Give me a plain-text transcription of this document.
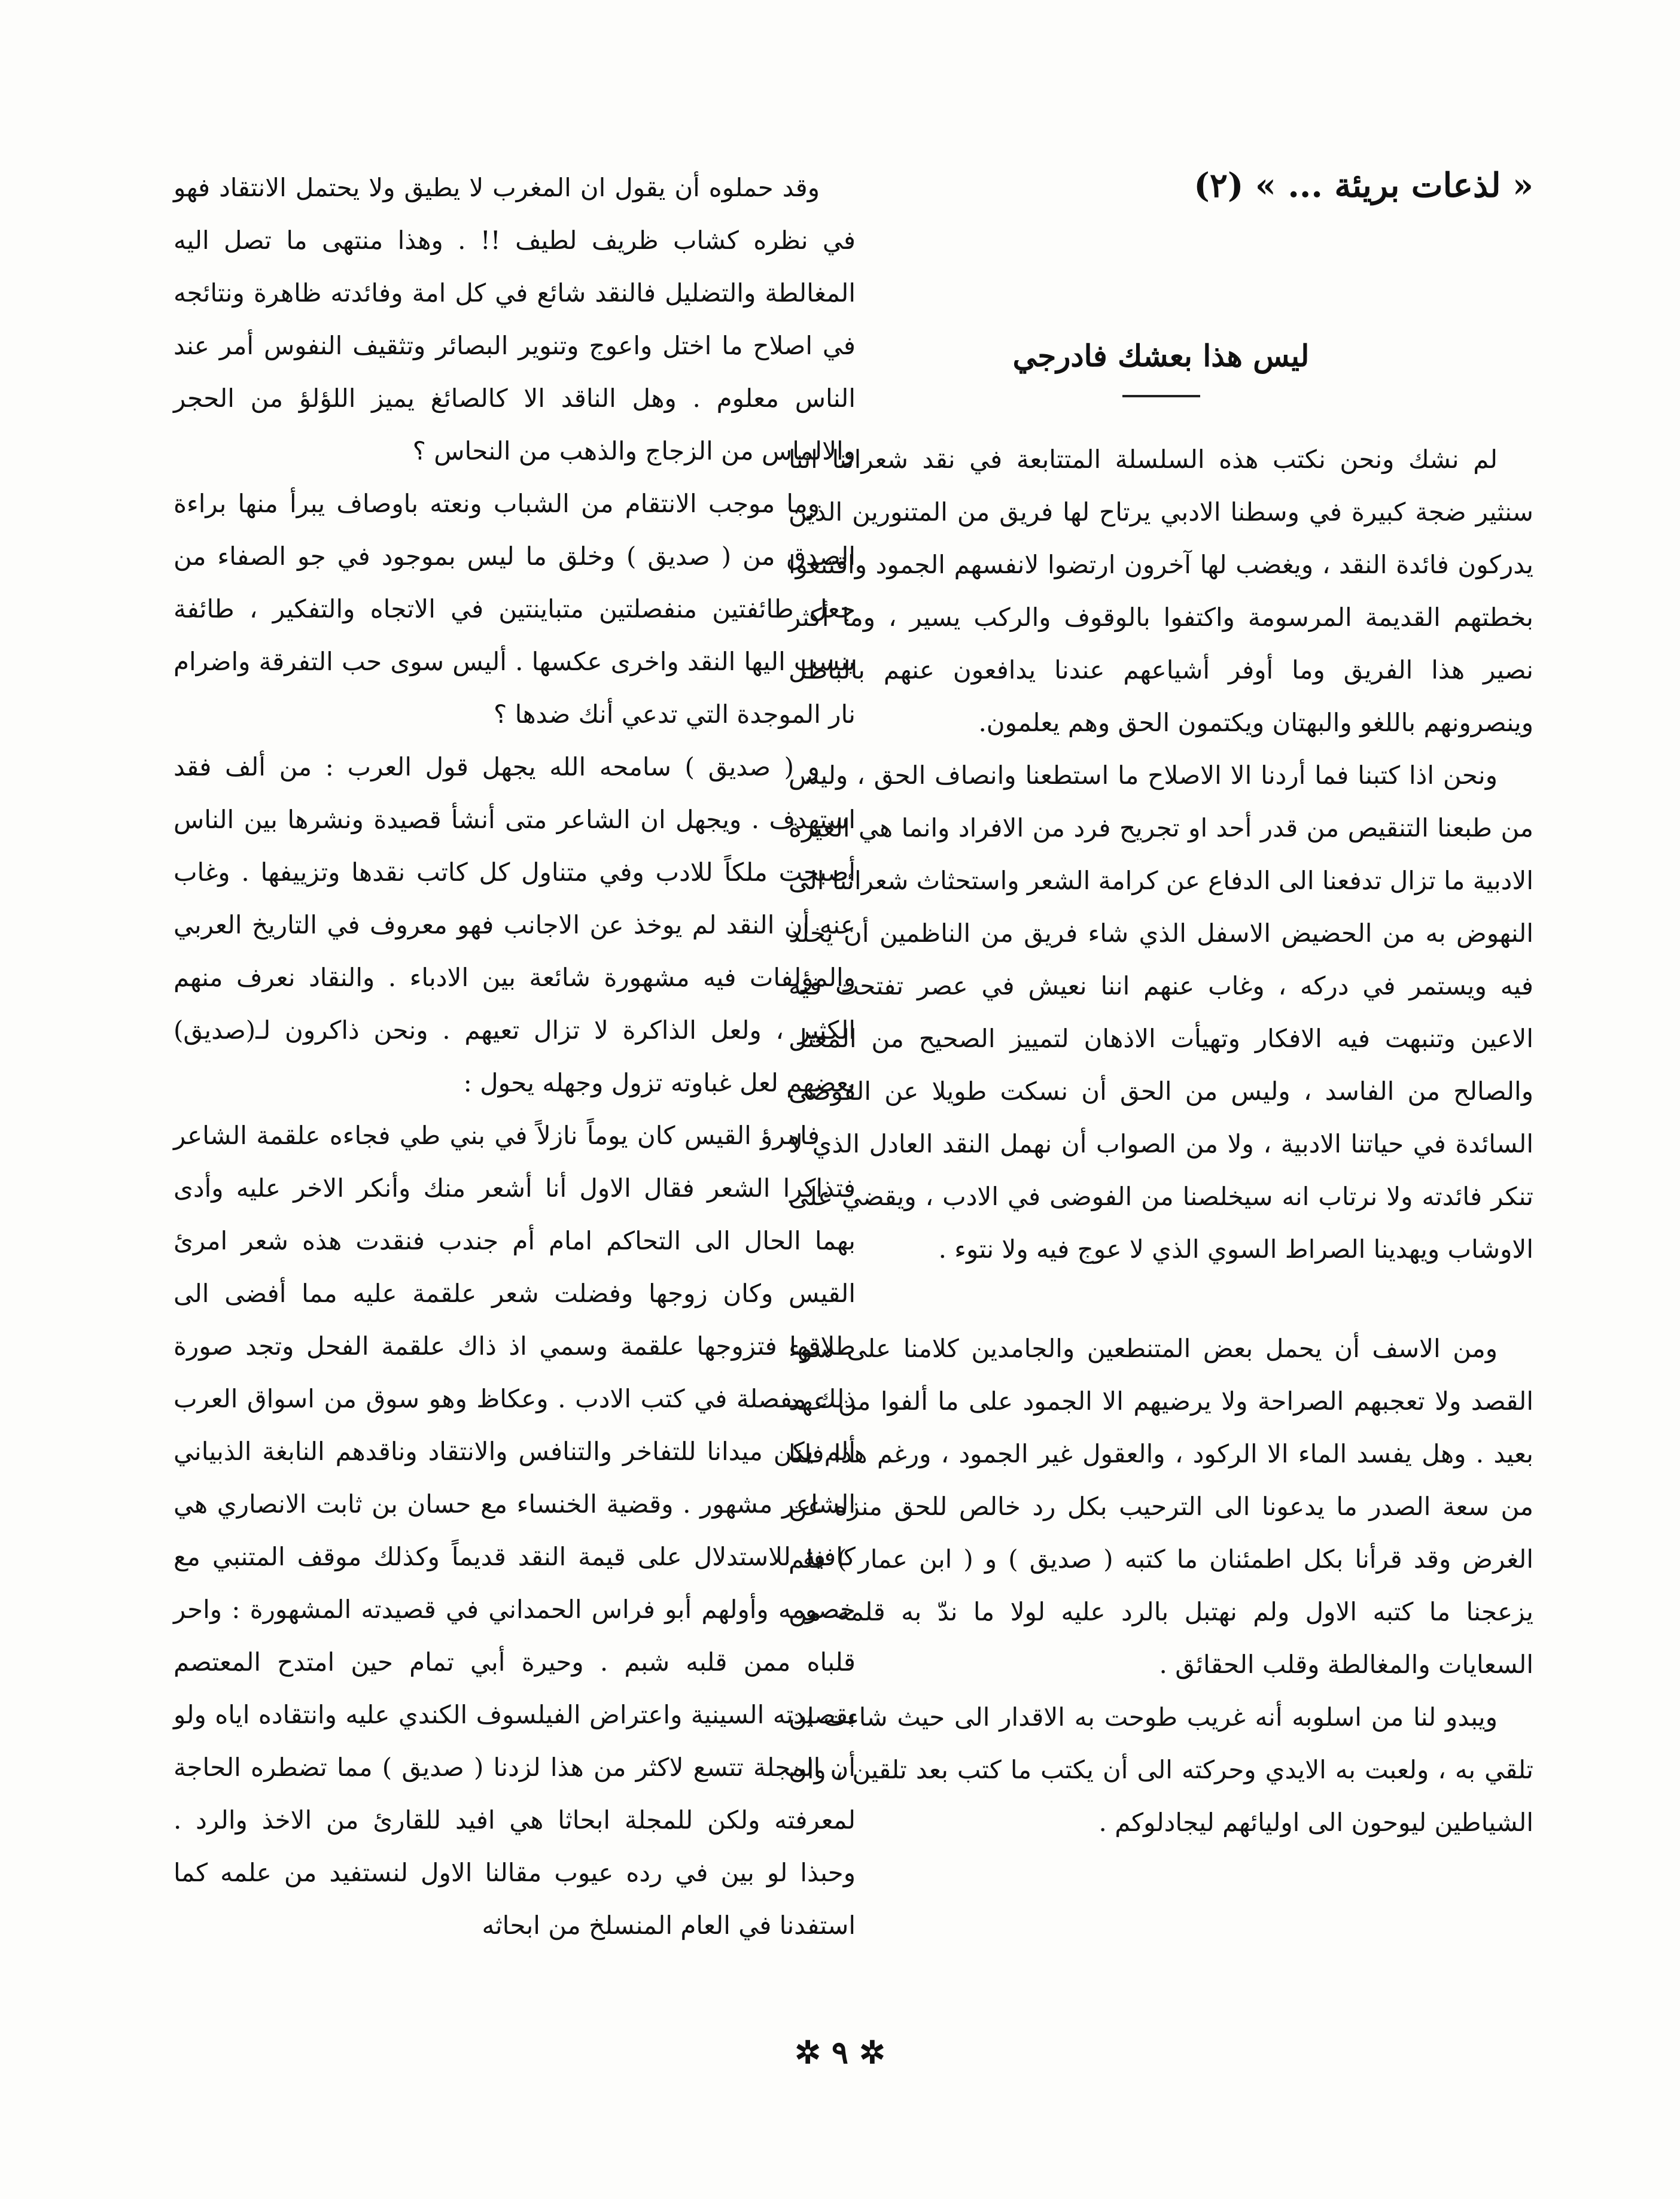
« لذعات بريئة ... » (٢)
ليس هذا بعشك فادرجي

لم نشك ونحن نكتب هذه السلسلة المتتابعة في نقد شعرائنا اننا سنثير ضجة كبيرة في وسطنا الادبي يرتاح لها فريق من المتنورين الذين يدركون فائدة النقد ، ويغضب لها آخرون ارتضوا لانفسهم الجمود واقتنعوا بخطتهم القديمة المرسومة واكتفوا بالوقوف والركب يسير ، وما أكثر نصير هذا الفريق وما أوفر أشياعهم عندنا يدافعون عنهم بالباطل وينصرونهم باللغو والبهتان ويكتمون الحق وهم يعلمون.

ونحن اذا كتبنا فما أردنا الا الاصلاح ما استطعنا وانصاف الحق ، وليس من طبعنا التنقيص من قدر أحد او تجريح فرد من الافراد وانما هي الغيرة الادبية ما تزال تدفعنا الى الدفاع عن كرامة الشعر واستحثاث شعرائنا الى النهوض به من الحضيض الاسفل الذي شاء فريق من الناظمين أن يخلد فيه ويستمر في دركه ، وغاب عنهم اننا نعيش في عصر تفتحت فيه الاعين وتنبهت فيه الافكار وتهيأت الاذهان لتمييز الصحيح من المعتل والصالح من الفاسد ، وليس من الحق أن نسكت طويلا عن الفوضى السائدة في حياتنا الادبية ، ولا من الصواب أن نهمل النقد العادل الذي لا تنكر فائدته ولا نرتاب انه سيخلصنا من الفوضى في الادب ، ويقضي على الاوشاب ويهدينا الصراط السوي الذي لا عوج فيه ولا نتوء .

ومن الاسف أن يحمل بعض المتنطعين والجامدين كلامنا على سوء القصد ولا تعجبهم الصراحة ولا يرضيهم الا الجمود على ما ألفوا من عهد بعيد . وهل يفسد الماء الا الركود ، والعقول غير الجمود ، ورغم هذا فلنا من سعة الصدر ما يدعونا الى الترحيب بكل رد خالص للحق منزه عن الغرض وقد قرأنا بكل اطمئنان ما كتبه ( صديق ) و ( ابن عمار ) فلم يزعجنا ما كتبه الاول ولم نهتبل بالرد عليه لولا ما ندّ به قلمه من السعايات والمغالطة وقلب الحقائق .

ويبدو لنا من اسلوبه أنه غريب طوحت به الاقدار الى حيث شاءت ان تلقي به ، ولعبت به الايدي وحركته الى أن يكتب ما كتب بعد تلقين ، وان الشياطين ليوحون الى اوليائهم ليجادلوكم .

وقد حملوه أن يقول ان المغرب لا يطيق ولا يحتمل الانتقاد فهو في نظره كشاب ظريف لطيف !! . وهذا منتهى ما تصل اليه المغالطة والتضليل فالنقد شائع في كل امة وفائدته ظاهرة ونتائجه في اصلاح ما اختل واعوج وتنوير البصائر وتثقيف النفوس أمر عند الناس معلوم . وهل الناقد الا كالصائغ يميز اللؤلؤ من الحجر والالماس من الزجاج والذهب من النحاس ؟

وما موجب الانتقام من الشباب ونعته باوصاف يبرأ منها براءة الصدق من ( صديق ) وخلق ما ليس بموجود في جو الصفاء من جعل طائفتين منفصلتين متباينتين في الاتجاه والتفكير ، طائفة ينسب اليها النقد واخرى عكسها . أليس سوى حب التفرقة واضرام نار الموجدة التي تدعي أنك ضدها ؟

و ( صديق ) سامحه الله يجهل قول العرب : من ألف فقد استهدف . ويجهل ان الشاعر متى أنشأ قصيدة ونشرها بين الناس أصبحت ملكاً للادب وفي متناول كل كاتب نقدها وتزييفها . وغاب عنه أن النقد لم يوخذ عن الاجانب فهو معروف في التاريخ العربي والمؤلفات فيه مشهورة شائعة بين الادباء . والنقاد نعرف منهم الكثير ، ولعل الذاكرة لا تزال تعيهم . ونحن ذاكرون لـ(صديق) بعضهم لعل غباوته تزول وجهله يحول :

فامرؤ القيس كان يوماً نازلاً في بني طي فجاءه علقمة الشاعر فتذاكرا الشعر فقال الاول أنا أشعر منك وأنكر الاخر عليه وأدى بهما الحال الى التحاكم امام أم جندب فنقدت هذه شعر امرئ القيس وكان زوجها وفضلت شعر علقمة عليه مما أفضى الى طلاقها فتزوجها علقمة وسمي اذ ذاك علقمة الفحل وتجد صورة ذلك مفصلة في كتب الادب . وعكاظ وهو سوق من اسواق العرب ألم يكن ميدانا للتفاخر والتنافس والانتقاد وناقدهم النابغة الذبياني الشاعر مشهور . وقضية الخنساء مع حسان بن ثابت الانصاري هي كافية للاستدلال على قيمة النقد قديماً وكذلك موقف المتنبي مع خصومه وأولهم أبو فراس الحمداني في قصيدته المشهورة : واحر قلباه ممن قلبه شبم . وحيرة أبي تمام حين امتدح المعتصم بقصيدته السينية واعتراض الفيلسوف الكندي عليه وانتقاده اياه ولو أن المجلة تتسع لاكثر من هذا لزدنا ( صديق ) مما تضطره الحاجة لمعرفته ولكن للمجلة ابحاثا هي افيد للقارئ من الاخذ والرد . وحبذا لو بين في رده عيوب مقالنا الاول لنستفيد من علمه كما استفدنا في العام المنسلخ من ابحاثه

✲ ٩ ✲
